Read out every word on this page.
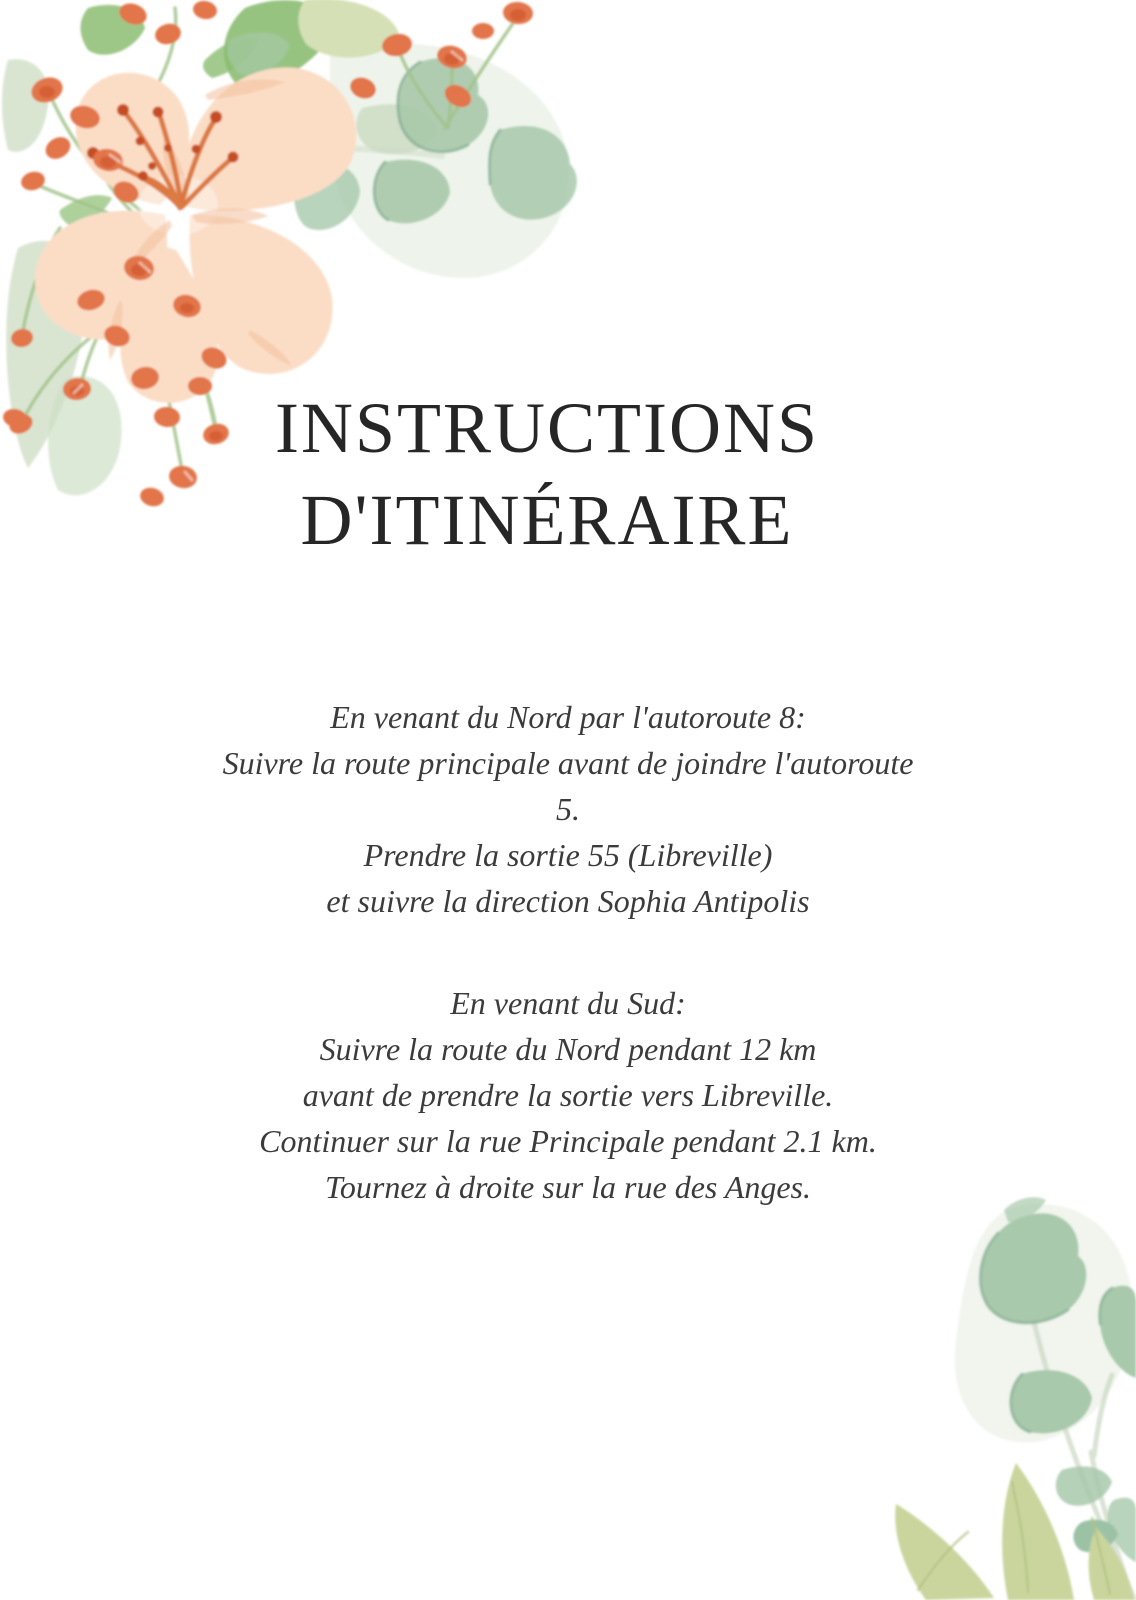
INSTRUCTIONS
D'ITINÉRAIRE
En venant du Nord par l'autoroute 8:
Suivre la route principale avant de joindre l'autoroute
5.
Prendre la sortie 55 (Libreville)
et suivre la direction Sophia Antipolis
En venant du Sud:
Suivre la route du Nord pendant 12 km
avant de prendre la sortie vers Libreville.
Continuer sur la rue Principale pendant 2.1 km.
Tournez à droite sur la rue des Anges.
